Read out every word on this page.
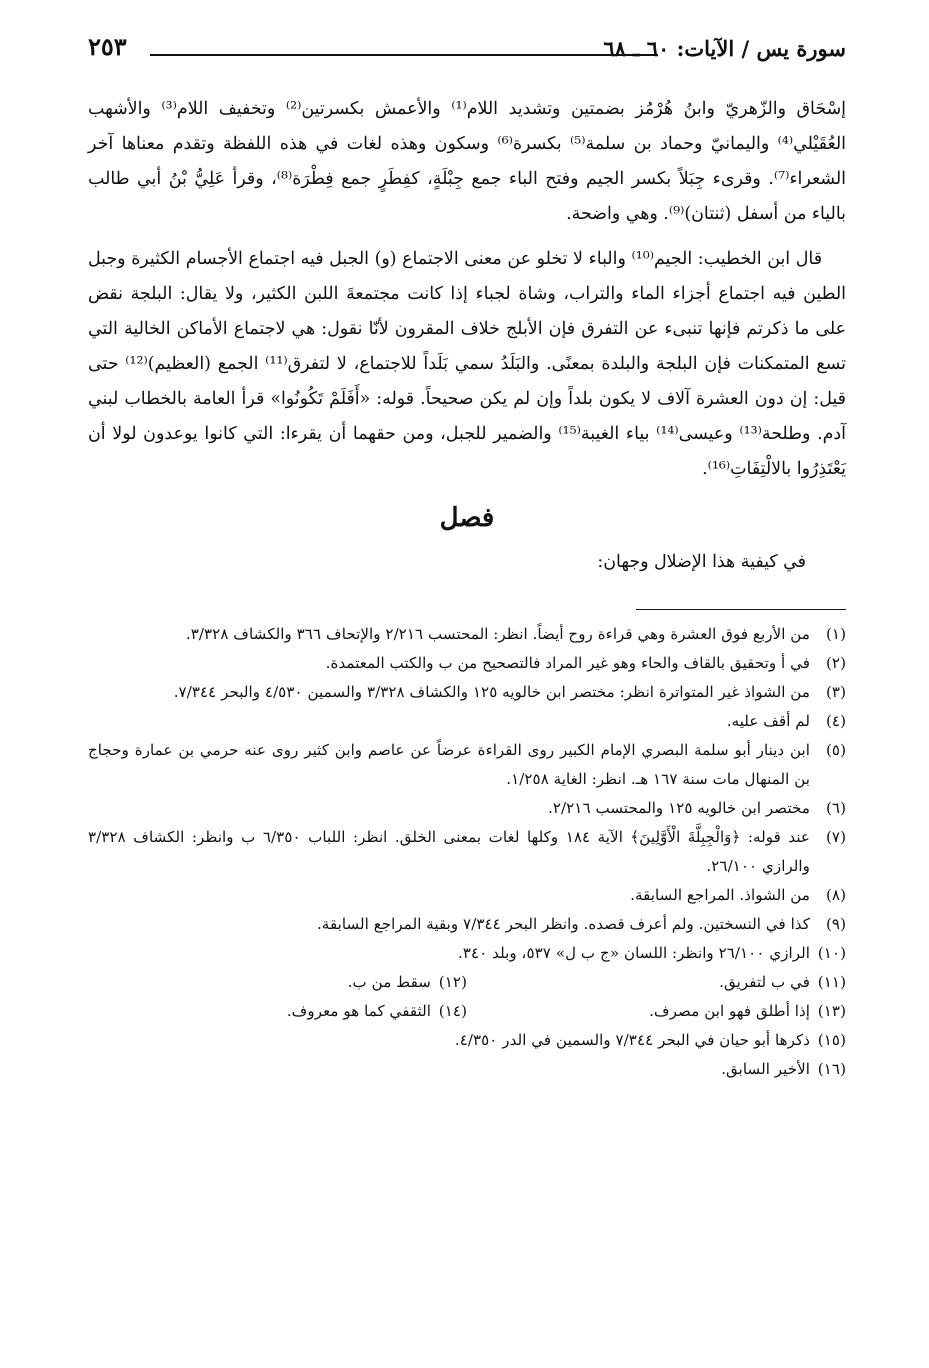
سورة يس / الآيات: ٦٠ ـ ٦٨
٢٥٣

إسْحَاق والزّهريّ وابنُ هُرْمُز بضمتين وتشديد اللام⁽¹⁾ والأعمش بكسرتين⁽²⁾ وتخفيف اللام⁽³⁾ والأشهب العُقَيْلي⁽⁴⁾ واليمانيّ وحماد بن سلمة⁽⁵⁾ بكسرة⁽⁶⁾ وسكون وهذه لغات في هذه اللفظة وتقدم معناها آخر الشعراء⁽⁷⁾. وقرىء جِبَلاً بكسر الجيم وفتح الباء جمع جِبْلَةٍ، كفِطَرٍ جمع فِطْرَة⁽⁸⁾، وقرأ عَلِيُّ بْنُ أبي طالب بالياء من أسفل (ثنتان)⁽⁹⁾. وهي واضحة.

قال ابن الخطيب: الجيم⁽¹⁰⁾ والباء لا تخلو عن معنى الاجتماع (و) الجبل فيه اجتماع الأجسام الكثيرة وجبل الطين فيه اجتماع أجزاء الماء والتراب، وشاة لجباء إذا كانت مجتمعةَ اللبن الكثير، ولا يقال: البلجة نقض على ما ذكرتم فإنها تنبىء عن التفرق فإن الأبلج خلاف المقرون لأنّا نقول: هي لاجتماع الأماكن الخالية التي تسع المتمكنات فإن البلجة والبلدة بمعنًى. والبَلَدُ سمي بَلَداً للاجتماع، لا لتفرق⁽¹¹⁾ الجمع (العظيم)⁽¹²⁾ حتى قيل: إن دون العشرة آلاف لا يكون بلداً وإن لم يكن صحيحاً. قوله: «أَفَلَمْ تَكُونُوا» قرأ العامة بالخطاب لبني آدم. وطلحة⁽¹³⁾ وعيسى⁽¹⁴⁾ بياء الغيبة⁽¹⁵⁾ والضمير للجبل، ومن حقهما أن يقرءا: التي كانوا يوعدون لولا أن يَعْتَذِرُوا بالالْتِفَاتِ⁽¹⁶⁾.

فصل
في كيفية هذا الإضلال وجهان:
(١)
من الأربع فوق العشرة وهي قراءة روح أيضاً. انظر: المحتسب ٢/٢١٦ والإتحاف ٣٦٦ والكشاف ٣/٣٢٨.
(٢)
في أ وتحقيق بالقاف والحاء وهو غير المراد فالتصحيح من ب والكتب المعتمدة.
(٣)
من الشواذ غير المتواترة انظر: مختصر ابن خالويه ١٢٥ والكشاف ٣/٣٢٨ والسمين ٤/٥٣٠ والبحر ٧/٣٤٤.
(٤)
لم أقف عليه.
(٥)
ابن دينار أبو سلمة البصري الإمام الكبير روى القراءة عرضاً عن عاصم وابن كثير روى عنه حرمي بن عمارة وحجاج بن المنهال مات سنة ١٦٧ هـ. انظر: الغاية ١/٢٥٨.
(٦)
مختصر ابن خالويه ١٢٥ والمحتسب ٢/٢١٦.
(٧)
عند قوله: ﴿وَالْجِبِلَّةَ الْأَوَّلِينَ﴾ الآية ١٨٤ وكلها لغات بمعنى الخلق. انظر: اللباب ٦/٣٥٠ ب وانظر: الكشاف ٣/٣٢٨ والرازي ٢٦/١٠٠.
(٨)
من الشواذ. المراجع السابقة.
(٩)
كذا في النسختين. ولم أعرف قصده. وانظر البحر ٧/٣٤٤ وبقية المراجع السابقة.
(١٠)
الرازي ٢٦/١٠٠ وانظر: اللسان «ج ب ل» ٥٣٧، وبلد ٣٤٠.
(١١)
في ب لتفريق.
(١٢)
سقط من ب.
(١٣)
إذا أطلق فهو ابن مصرف.
(١٤)
الثقفي كما هو معروف.
(١٥)
ذكرها أبو حيان في البحر ٧/٣٤٤ والسمين في الدر ٤/٣٥٠.
(١٦)
الأخير السابق.
